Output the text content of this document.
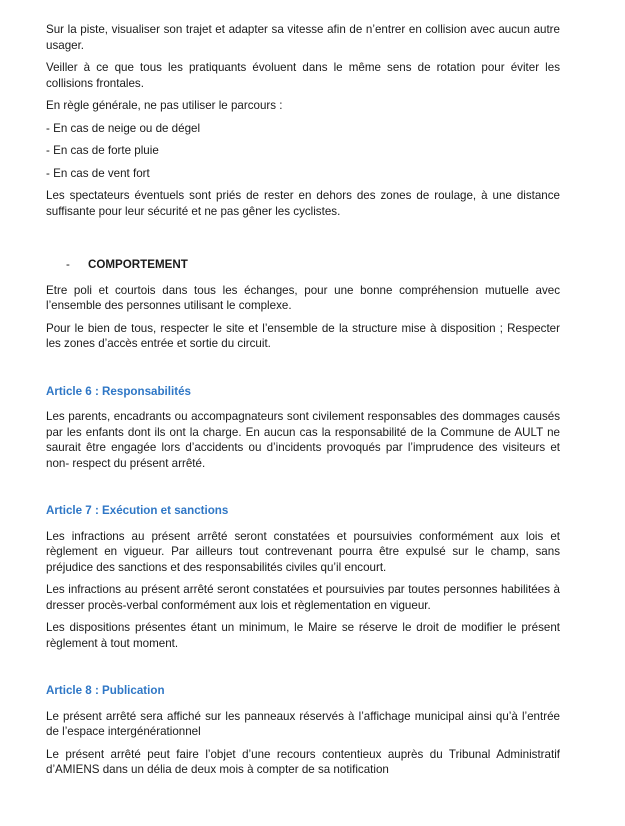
Sur la piste, visualiser son trajet et adapter sa vitesse afin de n’entrer en collision avec aucun autre usager.

Veiller à ce que tous les pratiquants évoluent dans le même sens de rotation pour éviter les collisions frontales.

En règle générale, ne pas utiliser le parcours :

- En cas de neige ou de dégel

- En cas de forte pluie

- En cas de vent fort

Les spectateurs éventuels sont priés de rester en dehors des zones de roulage, à une distance suffisante pour leur sécurité et ne pas gêner les cyclistes.

- COMPORTEMENT

Etre poli et courtois dans tous les échanges, pour une bonne compréhension mutuelle avec l’ensemble des personnes utilisant le complexe.

Pour le bien de tous, respecter le site et l’ensemble de la structure mise à disposition ; Respecter les zones d’accès entrée et sortie du circuit.

Article 6 : Responsabilités

Les parents, encadrants ou accompagnateurs sont civilement responsables des dommages causés par les enfants dont ils ont la charge. En aucun cas la responsabilité de la Commune de AULT ne saurait être engagée lors d’accidents ou d’incidents provoqués par l’imprudence des visiteurs et non- respect du présent arrêté.

Article 7 : Exécution et sanctions

Les infractions au présent arrêté seront constatées et poursuivies conformément aux lois et règlement en vigueur. Par ailleurs tout contrevenant pourra être expulsé sur le champ, sans préjudice des sanctions et des responsabilités civiles qu’il encourt.

Les infractions au présent arrêté seront constatées et poursuivies par toutes personnes habilitées à dresser procès-verbal conformément aux lois et règlementation en vigueur.

Les dispositions présentes étant un minimum, le Maire se réserve le droit de modifier le présent règlement à tout moment.

Article 8 : Publication

Le présent arrêté sera affiché sur les panneaux réservés à l’affichage municipal ainsi qu’à l’entrée de l’espace intergénérationnel

Le présent arrêté peut faire l’objet d’une recours contentieux auprès du Tribunal Administratif d’AMIENS dans un délia de deux mois à compter de sa notification
